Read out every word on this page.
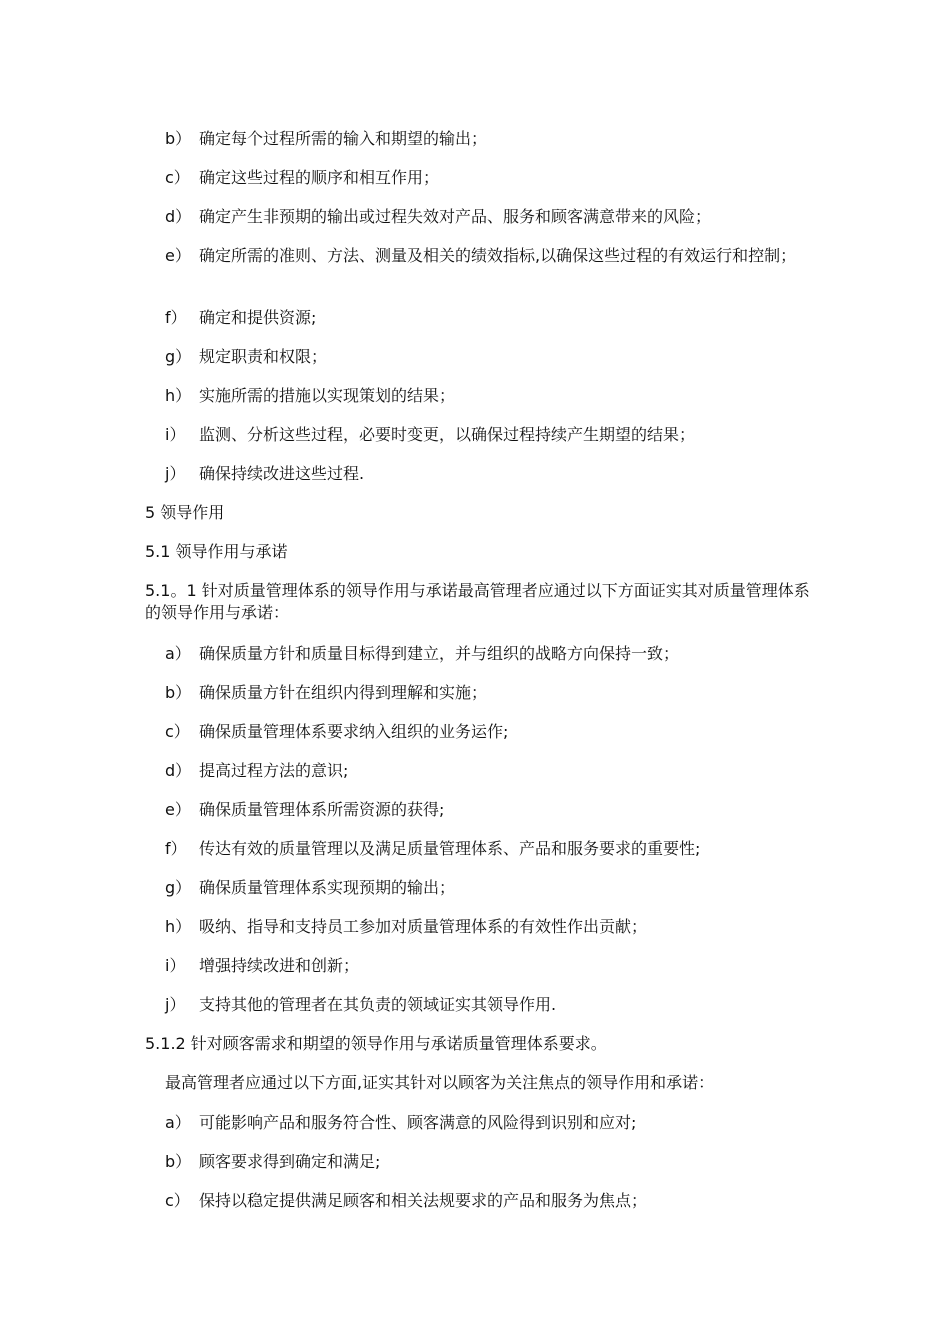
b） 确定每个过程所需的输入和期望的输出；
c） 确定这些过程的顺序和相互作用；
d） 确定产生非预期的输出或过程失效对产品、服务和顾客满意带来的风险；
e） 确定所需的准则、方法、测量及相关的绩效指标,以确保这些过程的有效运行和控制；
f） 确定和提供资源;
g） 规定职责和权限；
h） 实施所需的措施以实现策划的结果；
i） 监测、分析这些过程，必要时变更，以确保过程持续产生期望的结果；
j） 确保持续改进这些过程.
5 领导作用
5.1 领导作用与承诺
5.1。1 针对质量管理体系的领导作用与承诺最高管理者应通过以下方面证实其对质量管理体系的领导作用与承诺：
a） 确保质量方针和质量目标得到建立，并与组织的战略方向保持一致；
b） 确保质量方针在组织内得到理解和实施；
c） 确保质量管理体系要求纳入组织的业务运作;
d） 提高过程方法的意识;
e） 确保质量管理体系所需资源的获得;
f） 传达有效的质量管理以及满足质量管理体系、产品和服务要求的重要性;
g） 确保质量管理体系实现预期的输出；
h） 吸纳、指导和支持员工参加对质量管理体系的有效性作出贡献；
i） 增强持续改进和创新；
j） 支持其他的管理者在其负责的领域证实其领导作用.
5.1.2 针对顾客需求和期望的领导作用与承诺质量管理体系要求。
最高管理者应通过以下方面,证实其针对以顾客为关注焦点的领导作用和承诺：
a） 可能影响产品和服务符合性、顾客满意的风险得到识别和应对;
b） 顾客要求得到确定和满足;
c） 保持以稳定提供满足顾客和相关法规要求的产品和服务为焦点；
